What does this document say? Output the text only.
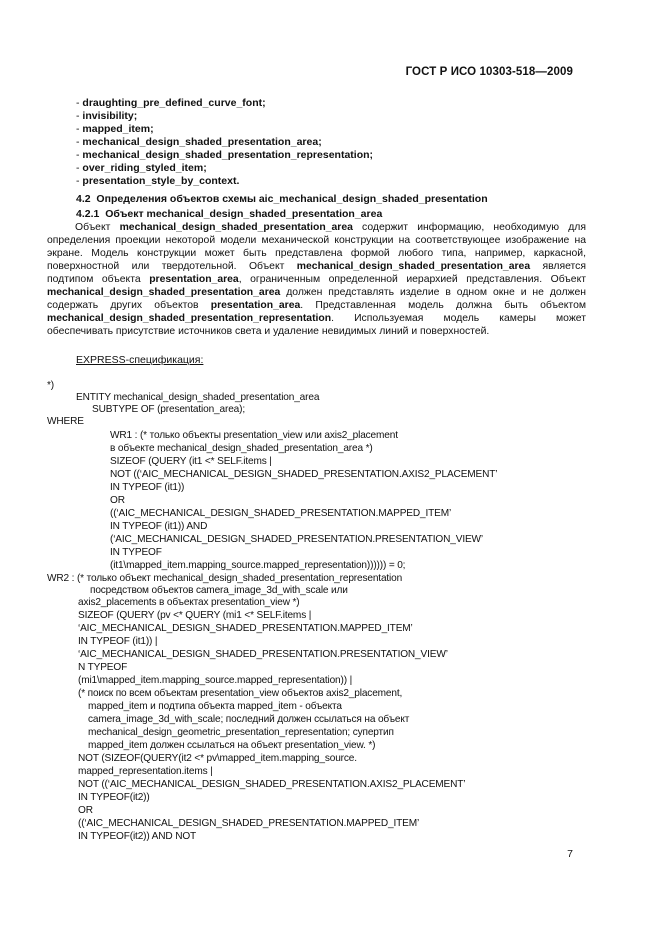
ГОСТ Р ИСО 10303-518—2009
- draughting_pre_defined_curve_font;
- invisibility;
- mapped_item;
- mechanical_design_shaded_presentation_area;
- mechanical_design_shaded_presentation_representation;
- over_riding_styled_item;
- presentation_style_by_context.
4.2  Определения объектов схемы aic_mechanical_design_shaded_presentation
4.2.1  Объект mechanical_design_shaded_presentation_area
Объект mechanical_design_shaded_presentation_area содержит информацию, необходимую для определения проекции некоторой модели механической конструкции на соответствующее изображение на экране. Модель конструкции может быть представлена формой любого типа, например, каркасной, поверхностной или твердотельной. Объект mechanical_design_shaded_presentation_area является подтипом объекта presentation_area, ограниченным определенной иерархией представления. Объект mechanical_design_shaded_presentation_area должен представлять изделие в одном окне и не должен содержать других объектов presentation_area. Представленная модель должна быть объектом mechanical_design_shaded_presentation_representation. Используемая модель камеры может обеспечивать присутствие источников света и удаление невидимых линий и поверхностей.
EXPRESS-спецификация:
*)
ENTITY mechanical_design_shaded_presentation_area
SUBTYPE OF (presentation_area);
WHERE
WR1 : (* только объекты presentation_view или axis2_placement
в объекте mechanical_design_shaded_presentation_area *)
SIZEOF (QUERY (it1 <* SELF.items |
NOT ((‘AIC_MECHANICAL_DESIGN_SHADED_PRESENTATION.AXIS2_PLACEMENT’
IN TYPEOF (it1))
OR
((‘AIC_MECHANICAL_DESIGN_SHADED_PRESENTATION.MAPPED_ITEM’
IN TYPEOF (it1)) AND
(‘AIC_MECHANICAL_DESIGN_SHADED_PRESENTATION.PRESENTATION_VIEW’
IN TYPEOF
(it1\mapped_item.mapping_source.mapped_representation)))))) = 0;
WR2 : (* только объект mechanical_design_shaded_presentation_representation
посредством объектов camera_image_3d_with_scale или
axis2_placements в объектах presentation_view *)
SIZEOF (QUERY (pv <* QUERY (mi1 <* SELF.items |
‘AIC_MECHANICAL_DESIGN_SHADED_PRESENTATION.MAPPED_ITEM’
IN TYPEOF (it1)) |
‘AIC_MECHANICAL_DESIGN_SHADED_PRESENTATION.PRESENTATION_VIEW’
N TYPEOF
(mi1\mapped_item.mapping_source.mapped_representation)) |
(* поиск по всем объектам presentation_view объектов axis2_placement,
mapped_item и подтипа объекта mapped_item - объекта
camera_image_3d_with_scale; последний должен ссылаться на объект
mechanical_design_geometric_presentation_representation; супертип
mapped_item должен ссылаться на объект presentation_view. *)
NOT (SIZEOF(QUERY(it2 <* pv\mapped_item.mapping_source.
mapped_representation.items |
NOT ((‘AIC_MECHANICAL_DESIGN_SHADED_PRESENTATION.AXIS2_PLACEMENT’
IN TYPEOF(it2))
OR
((‘AIC_MECHANICAL_DESIGN_SHADED_PRESENTATION.MAPPED_ITEM’
IN TYPEOF(it2)) AND NOT
7
